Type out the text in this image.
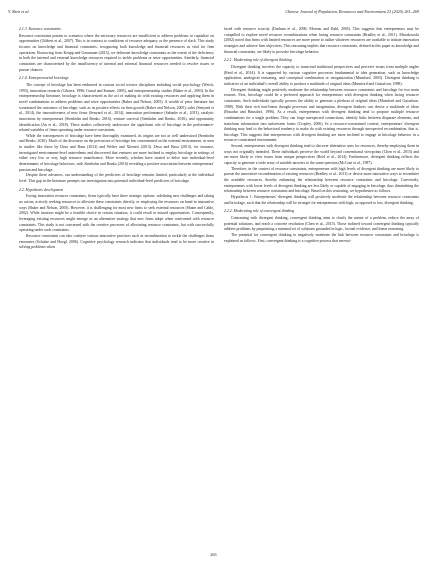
Y. Shen et al.	Chinese Journal of Population, Resources and Environment 23 (2025) 261–269
2.1.3. Resource constraints

Resource constraints pertain to scenarios where the necessary resources are insufficient to address problems or capitalize on opportunities (Gibbert et al., 2007). This is in contrast to conditions of resource adequacy or the presence of slack. This study focuses on knowledge and financial constraints, recognizing both knowledge and financial resources as vital for firm operations. Borrowing from Keupp and Gassmann (2013), we delineate knowledge constraints as the extent of the deficiency in both the internal and external knowledge resources required to tackle problems or seize opportunities. Similarly, financial constraints are characterized by the insufficiency of internal and external financial resources needed to resolve issues or pursue chances.

2.1.4. Entrepreneurial bricolage

The concept of bricolage has been embraced in various social science disciplines including social psychology (Weick, 1993), innovation research (Ciborra, 1996; Garud and Karnøe, 2003), and entrepreneurship studies (Baker et al., 2003). In the entrepreneurship literature, bricolage is characterized as the act of making do with existing resources and applying them in novel combinations to address problems and seize opportunities (Baker and Nelson, 2005). A wealth of prior literature has scrutinized the outcomes of bricolage, such as its positive effects on firm growth (Baker and Nelson, 2005), sales (Senyard et al., 2014), the innovativeness of new firms (Senyard et al., 2014), innovation performance (Salunke et al., 2013), catalytic innovation by entrepreneurs (Stenholm and Renko, 2016), venture survival (Stenholm and Renko, 2016), and opportunity identification (An et al., 2018). These studies collectively underscore the significant role of bricolage in the performance-related variables of firms operating under resource constraints.

While the consequences of bricolage have been thoroughly examined, its origins are not as well understood (Stenholm and Renko, 2016). Much of the discourse on the precursors of bricolage has concentrated on the external environment, as seen in studies like those by Desa and Basu (2013) and Welter and Xheneti (2013). Desa and Basu (2013), for instance, investigated environment-level antecedents and discovered that ventures are more inclined to employ bricolage in settings of either very low or very high resource munificence. More recently, scholars have started to delve into individual-level determinants of bricolage behaviors, with Stenholm and Renko (2016) revealing a positive association between entrepreneurs' passion and bricolage.

Despite these advances, our understanding of the predictors of bricolage remains limited, particularly at the individual level. This gap in the literature prompts our investigation into potential individual-level predictors of bricolage.

2.2. Hypothesis development

Facing innovation resource constraints, firms typically have three strategic options: sidelining new challenges and taking no action, actively seeking resources to alleviate these constraints directly, or employing the resources on hand in innovative ways (Baker and Nelson, 2005). However, it is challenging for most new firms to seek external resources (Shane and Cable, 2002). While inaction might be a feasible choice in certain situation, it could result in missed opportunities. Consequently, leveraging existing resources might emerge as an alternative strategy that new firms adopt when confronted with resource constraints. This study is not concerned with the creative processes of alleviating resource constraints, but with successfully operating under such constraints.

Resource constraints can also catalyze various innovative practices such as recombination to tackle the challenges firms encounter (Schulze and Hoegl, 2006). Cognitive psychology research indicates that individuals tend to be more creative in solving problems when

faced with resource scarcity (Durham et al., 2000; Moreau and Dahl, 2005). This suggests that entrepreneurs may be compelled to explore novel resource recombinations when facing resource constraints (Bradley et al., 2011). Mosakowski (2002) noted that firms with limited resources are more prone to utilize whatever resources are available to initiate innovation strategies and achieve firm objectives. This reasoning implies that resource constraints, defined in this paper as knowledge and financial constraints, are likely to provoke bricolage behavior.

2.2.1. Moderating role of divergent thinking

Divergent thinking involves the capacity to transcend traditional perspectives and perceive issues from multiple angles (Reid et al., 2014). It is supported by various cognitive processes fundamental to idea generation, such as knowledge application, analogical reasoning, and conceptual combination or reorganization (Mumford, 2003). Divergent thinking is indicative of an individual's overall ability to produce a multitude of original ideas (Mumford and Gustafson, 1988).

Divergent thinking might positively moderate the relationship between resource constraints and bricolage for two main reasons. First, bricolage could be a preferred approach for entrepreneurs with divergent thinking when facing resource constraints. Such individuals typically possess the ability to generate a plethora of original ideas (Mumford and Gustafson, 1988). With their rich non-linear thought processes and imagination, divergent thinkers can devise a multitude of ideas (Basadur and Hausdorf, 1996). As a result, entrepreneurs with divergent thinking tend to propose multiple resource combinations for a single problem. They can forge unexpected connections, identify links between disparate elements, and transform information into unforeseen forms (Cropley, 2006). In a resource-constrained context, entrepreneurs' divergent thinking may lead to the behavioral tendency to make do with existing resources through unexpected recombination, that is, bricolage. This suggests that entrepreneurs with divergent thinking are more inclined to engage in bricolage behavior in a resource-constrained environment.

Second, entrepreneurs with divergent thinking tend to discover alternative uses for resources, thereby employing them in ways not originally intended. These individuals perceive the world beyond conventional viewpoints (Chen et al., 2015) and are more likely to view issues from unique perspectives (Reid et al., 2014). Furthermore, divergent thinking reflects the capacity to generate a wide array of suitable answers to the same question (McCrae et al., 1987).

Therefore, in the context of resource constraints, entrepreneurs with high levels of divergent thinking are more likely to pursue the innovative recombination of existing resources (Bradley et al., 2011) or devise more innovative ways to recombine the available resources, thereby enhancing the relationship between resource constraints and bricolage. Conversely, entrepreneurs with lower levels of divergent thinking are less likely or capable of engaging in bricolage, thus diminishing the relationship between resource constraints and bricolage. Based on this reasoning, we hypothesize as follows.

Hypothesis 1: Entrepreneurs' divergent thinking will positively moderate the relationship between resource constraints and bricolage, such that the relationship will be stronger for entrepreneurs with high, as opposed to low, divergent thinking.

2.2.2. Moderating role of convergent thinking

Contrasting with divergent thinking, convergent thinking aims to clarify the nature of a problem, reduce the array of potential solutions, and reach a concrete resolution (Chen et al., 2015). Those inclined toward convergent thinking typically address problems by pinpointing a minimal set of solutions grounded in logic, factual evidence, and linear reasoning.

The potential for convergent thinking to negatively moderate the link between resource constraints and bricolage is explained as follows. First, convergent thinking is a cognitive process that necessi-

263
